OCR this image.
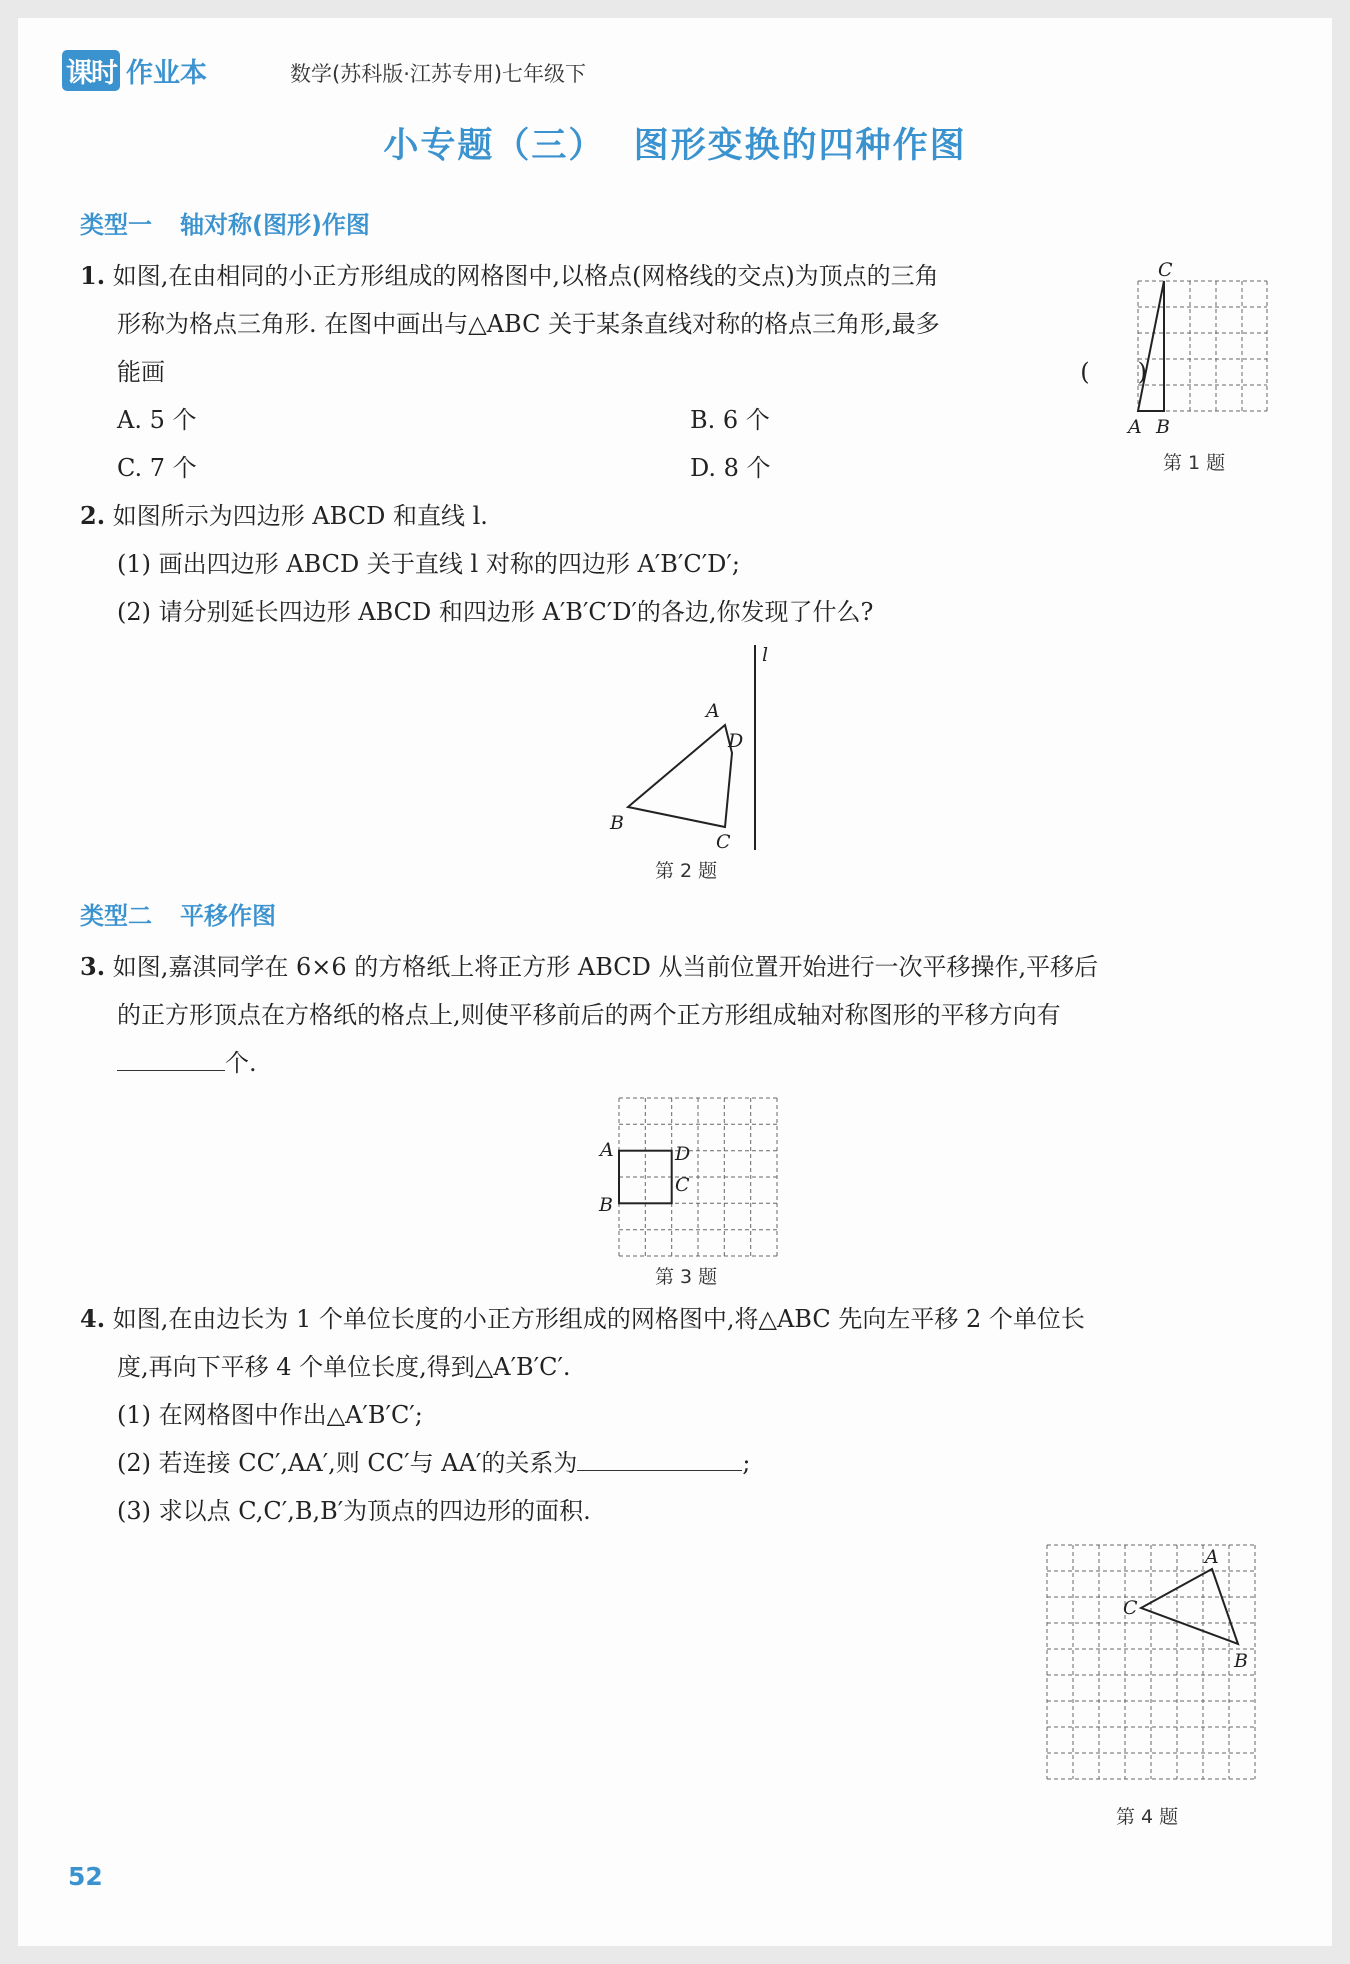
课时 作业本	数学(苏科版·江苏专用)七年级下
小专题（三）  图形变换的四种作图
类型一 轴对称(图形)作图
1. 如图,在由相同的小正方形组成的网格图中,以格点(网格线的交点)为顶点的三角
形称为格点三角形. 在图中画出与△ABC 关于某条直线对称的格点三角形,最多
能画	(　　)
A. 5 个	B. 6 个
C. 7 个	D. 8 个
C
A B
第 1 题
2. 如图所示为四边形 ABCD 和直线 l.
(1) 画出四边形 ABCD 关于直线 l 对称的四边形 A′B′C′D′;
(2) 请分别延长四边形 ABCD 和四边形 A′B′C′D′的各边,你发现了什么?
l
A
D
B
C
第 2 题
类型二 平移作图
3. 如图,嘉淇同学在 6×6 的方格纸上将正方形 ABCD 从当前位置开始进行一次平移操作,平移后
的正方形顶点在方格纸的格点上,则使平移前后的两个正方形组成轴对称图形的平移方向有
个.
A	D
C
B
第 3 题
4. 如图,在由边长为 1 个单位长度的小正方形组成的网格图中,将△ABC 先向左平移 2 个单位长
度,再向下平移 4 个单位长度,得到△A′B′C′.
(1) 在网格图中作出△A′B′C′;
(2) 若连接 CC′,AA′,则 CC′与 AA′的关系为	;
(3) 求以点 C,C′,B,B′为顶点的四边形的面积.
A
C
B
第 4 题
52
